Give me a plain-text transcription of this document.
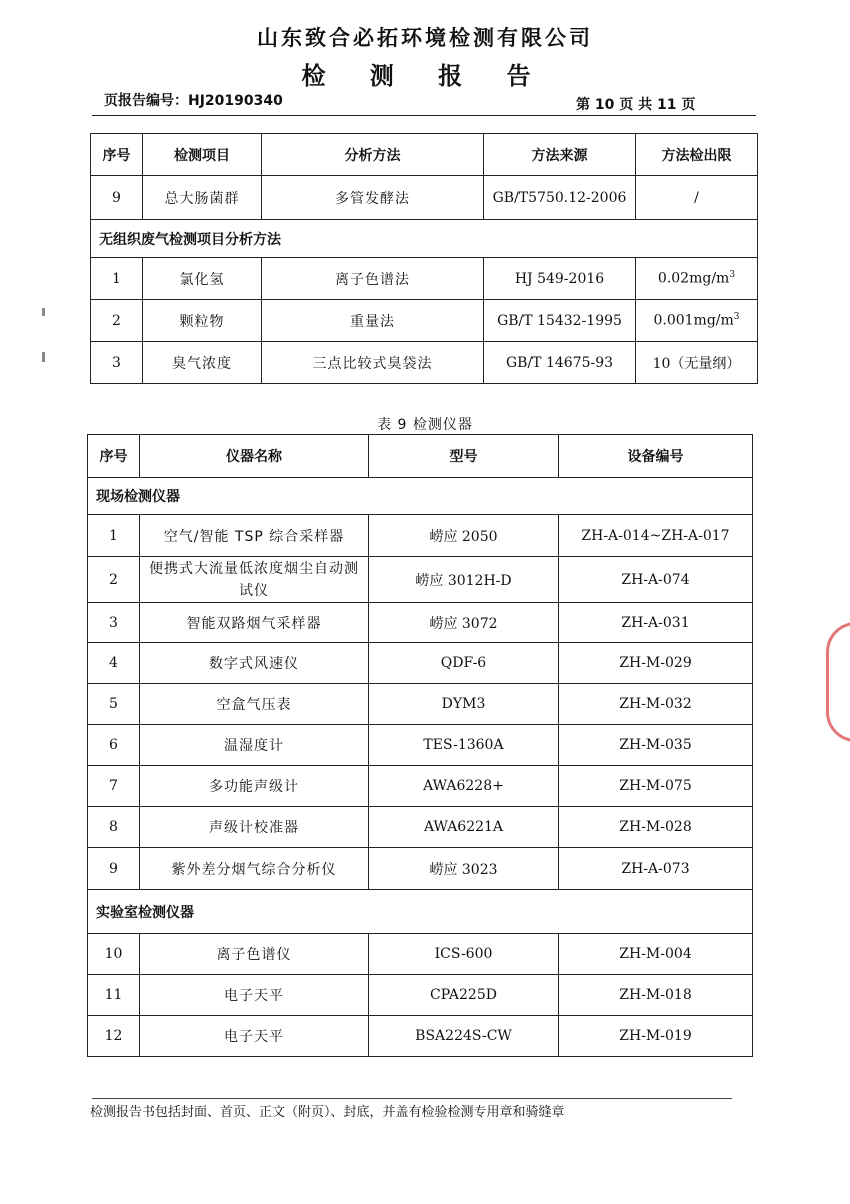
山东致合必拓环境检测有限公司
检 测 报 告
页报告编号：HJ20190340	第 10 页 共 11 页
序号	检测项目	分析方法	方法来源	方法检出限
9	总大肠菌群	多管发酵法	GB/T5750.12-2006	/
无组织废气检测项目分析方法				
1	氯化氢	离子色谱法	HJ 549-2016	$0.02mg/m^3$
2	颗粒物	重量法	GB/T 15432-1995	$0.001mg/m^3$
3	臭气浓度	三点比较式臭袋法	GB/T 14675-93	10（无量纲）
表 9 检测仪器
序号	仪器名称	型号	设备编号
现场检测仪器			
1	空气/智能 TSP 综合采样器	崂应 2050	ZH-A-014~ZH-A-017
2	便携式大流量低浓度烟尘自动测试仪	崂应 3012H-D	ZH-A-074
3	智能双路烟气采样器	崂应 3072	ZH-A-031
4	数字式风速仪	QDF-6	ZH-M-029
5	空盒气压表	DYM3	ZH-M-032
6	温湿度计	TES-1360A	ZH-M-035
7	多功能声级计	AWA6228+	ZH-M-075
8	声级计校准器	AWA6221A	ZH-M-028
9	紫外差分烟气综合分析仪	崂应 3023	ZH-A-073
实验室检测仪器			
10	离子色谱仪	ICS-600	ZH-M-004
11	电子天平	CPA225D	ZH-M-018
12	电子天平	BSA224S-CW	ZH-M-019
检测报告书包括封面、首页、正文（附页）、封底，并盖有检验检测专用章和骑缝章
